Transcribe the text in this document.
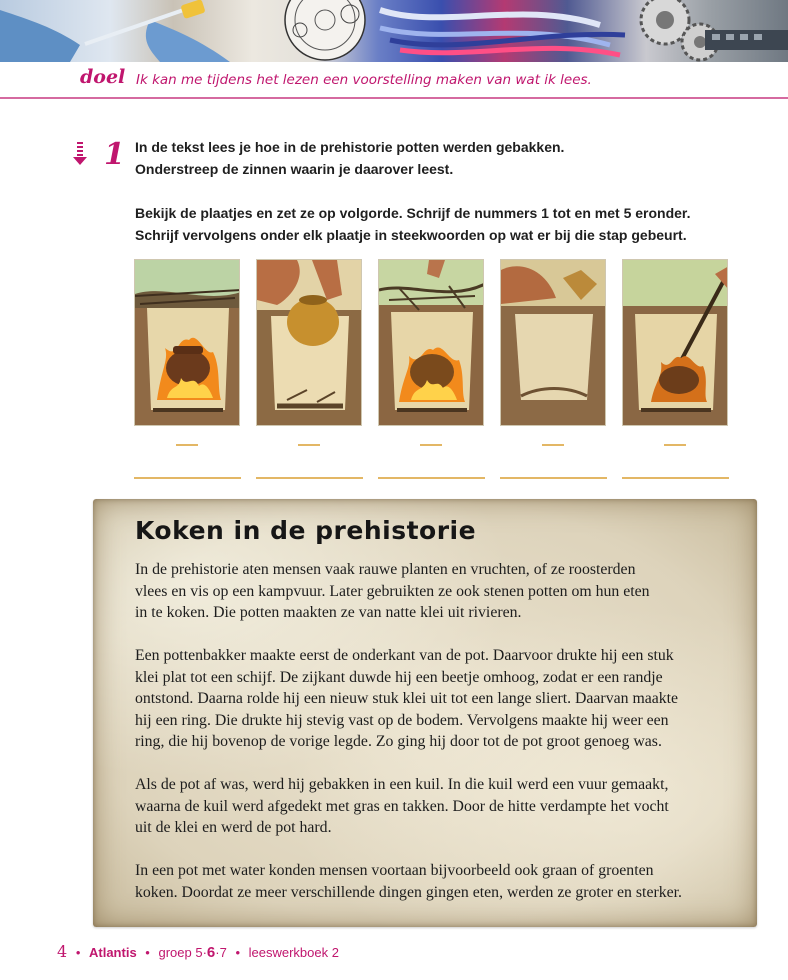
doel Ik kan me tijdens het lezen een voorstelling maken van wat ik lees.
1 In de tekst lees je hoe in de prehistorie potten werden gebakken.
Onderstreep de zinnen waarin je daarover leest.
Bekijk de plaatjes en zet ze op volgorde. Schrijf de nummers 1 tot en met 5 eronder.
Schrijf vervolgens onder elk plaatje in steekwoorden op wat er bij die stap gebeurt.
Koken in de prehistorie

In de prehistorie aten mensen vaak rauwe planten en vruchten, of ze roosterden
vlees en vis op een kampvuur. Later gebruikten ze ook stenen potten om hun eten
in te koken. Die potten maakten ze van natte klei uit rivieren.

Een pottenbakker maakte eerst de onderkant van de pot. Daarvoor drukte hij een stuk
klei plat tot een schijf. De zijkant duwde hij een beetje omhoog, zodat er een randje
ontstond. Daarna rolde hij een nieuw stuk klei uit tot een lange sliert. Daarvan maakte
hij een ring. Die drukte hij stevig vast op de bodem. Vervolgens maakte hij weer een
ring, die hij bovenop de vorige legde. Zo ging hij door tot de pot groot genoeg was.

Als de pot af was, werd hij gebakken in een kuil. In die kuil werd een vuur gemaakt,
waarna de kuil werd afgedekt met gras en takken. Door de hitte verdampte het vocht
uit de klei en werd de pot hard.

In een pot met water konden mensen voortaan bijvoorbeeld ook graan of groenten
koken. Doordat ze meer verschillende dingen gingen eten, werden ze groter en sterker.

4 • Atlantis • groep 5·6·7 • leeswerkboek 2
